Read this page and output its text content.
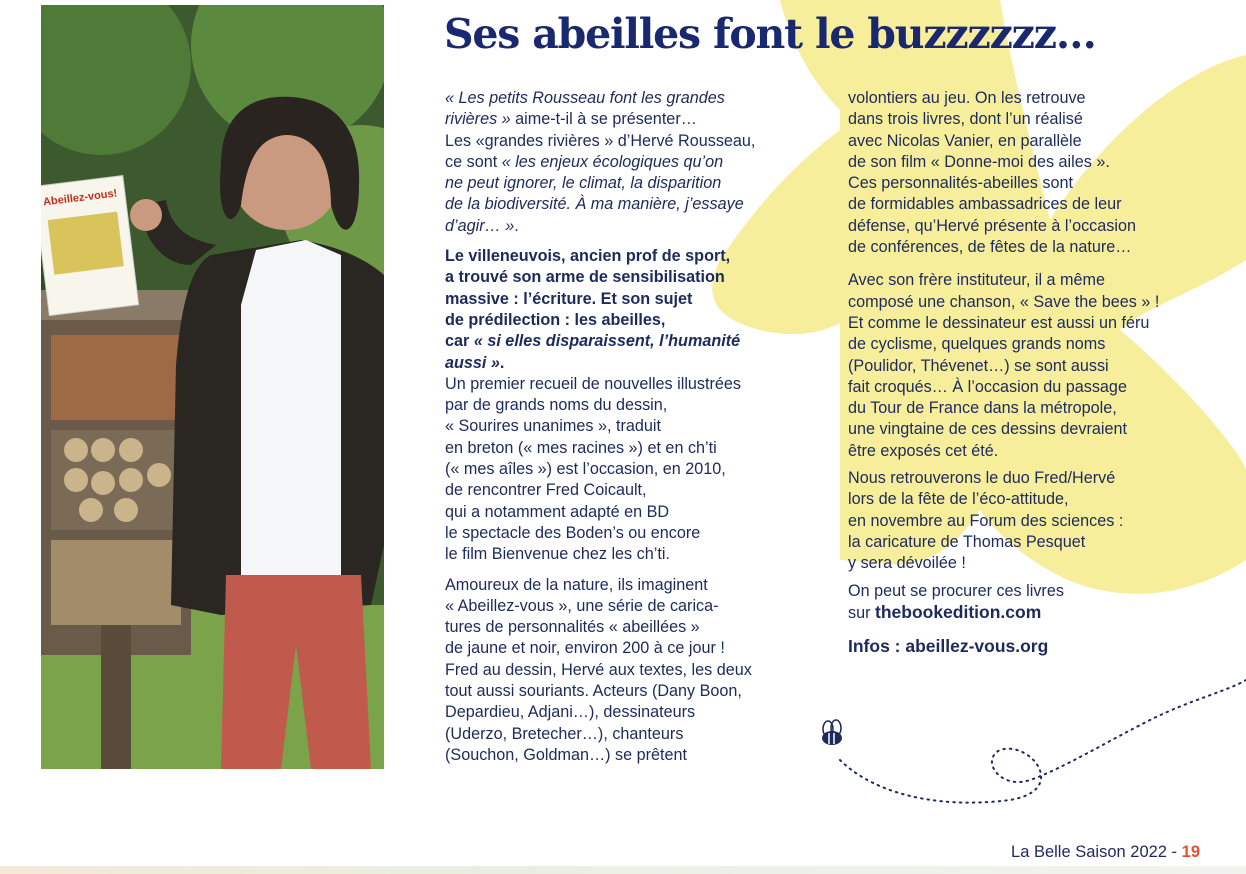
Abeillez-vous!
Ses abeilles font le buzzzzzz…

« Les petits Rousseau font les grandes
rivières » aime-t-il à se présenter…
Les «grandes rivières » d’Hervé Rousseau,
ce sont « les enjeux écologiques qu’on
ne peut ignorer, le climat, la disparition
de la biodiversité. À ma manière, j’essaye
d’agir… ».

Le villeneuvois, ancien prof de sport,
a trouvé son arme de sensibilisation
massive : l’écriture. Et son sujet
de prédilection : les abeilles,
car « si elles disparaissent, l’humanité
aussi ».

Un premier recueil de nouvelles illustrées
par de grands noms du dessin,
« Sourires unanimes », traduit
en breton (« mes racines ») et en ch’ti
(« mes aîles ») est l’occasion, en 2010,
de rencontrer Fred Coicault,
qui a notamment adapté en BD
le spectacle des Boden’s ou encore
le film Bienvenue chez les ch’ti.

Amoureux de la nature, ils imaginent
« Abeillez-vous », une série de carica-
tures de personnalités « abeillées »
de jaune et noir, environ 200 à ce jour !
Fred au dessin, Hervé aux textes, les deux
tout aussi souriants. Acteurs (Dany Boon,
Depardieu, Adjani…), dessinateurs
(Uderzo, Bretecher…), chanteurs
(Souchon, Goldman…) se prêtent

volontiers au jeu. On les retrouve
dans trois livres, dont l’un réalisé
avec Nicolas Vanier, en parallèle
de son film « Donne-moi des ailes ».
Ces personnalités-abeilles sont
de formidables ambassadrices de leur
défense, qu’Hervé présente à l’occasion
de conférences, de fêtes de la nature…

Avec son frère instituteur, il a même
composé une chanson, « Save the bees » !
Et comme le dessinateur est aussi un féru
de cyclisme, quelques grands noms
(Poulidor, Thévenet…) se sont aussi
fait croqués… À l’occasion du passage
du Tour de France dans la métropole,
une vingtaine de ces dessins devraient
être exposés cet été.

Nous retrouverons le duo Fred/Hervé
lors de la fête de l’éco-attitude,
en novembre au Forum des sciences :
la caricature de Thomas Pesquet
y sera dévoilée !

On peut se procurer ces livres
sur thebookedition.com

Infos : abeillez-vous.org

La Belle Saison 2022 - 19
